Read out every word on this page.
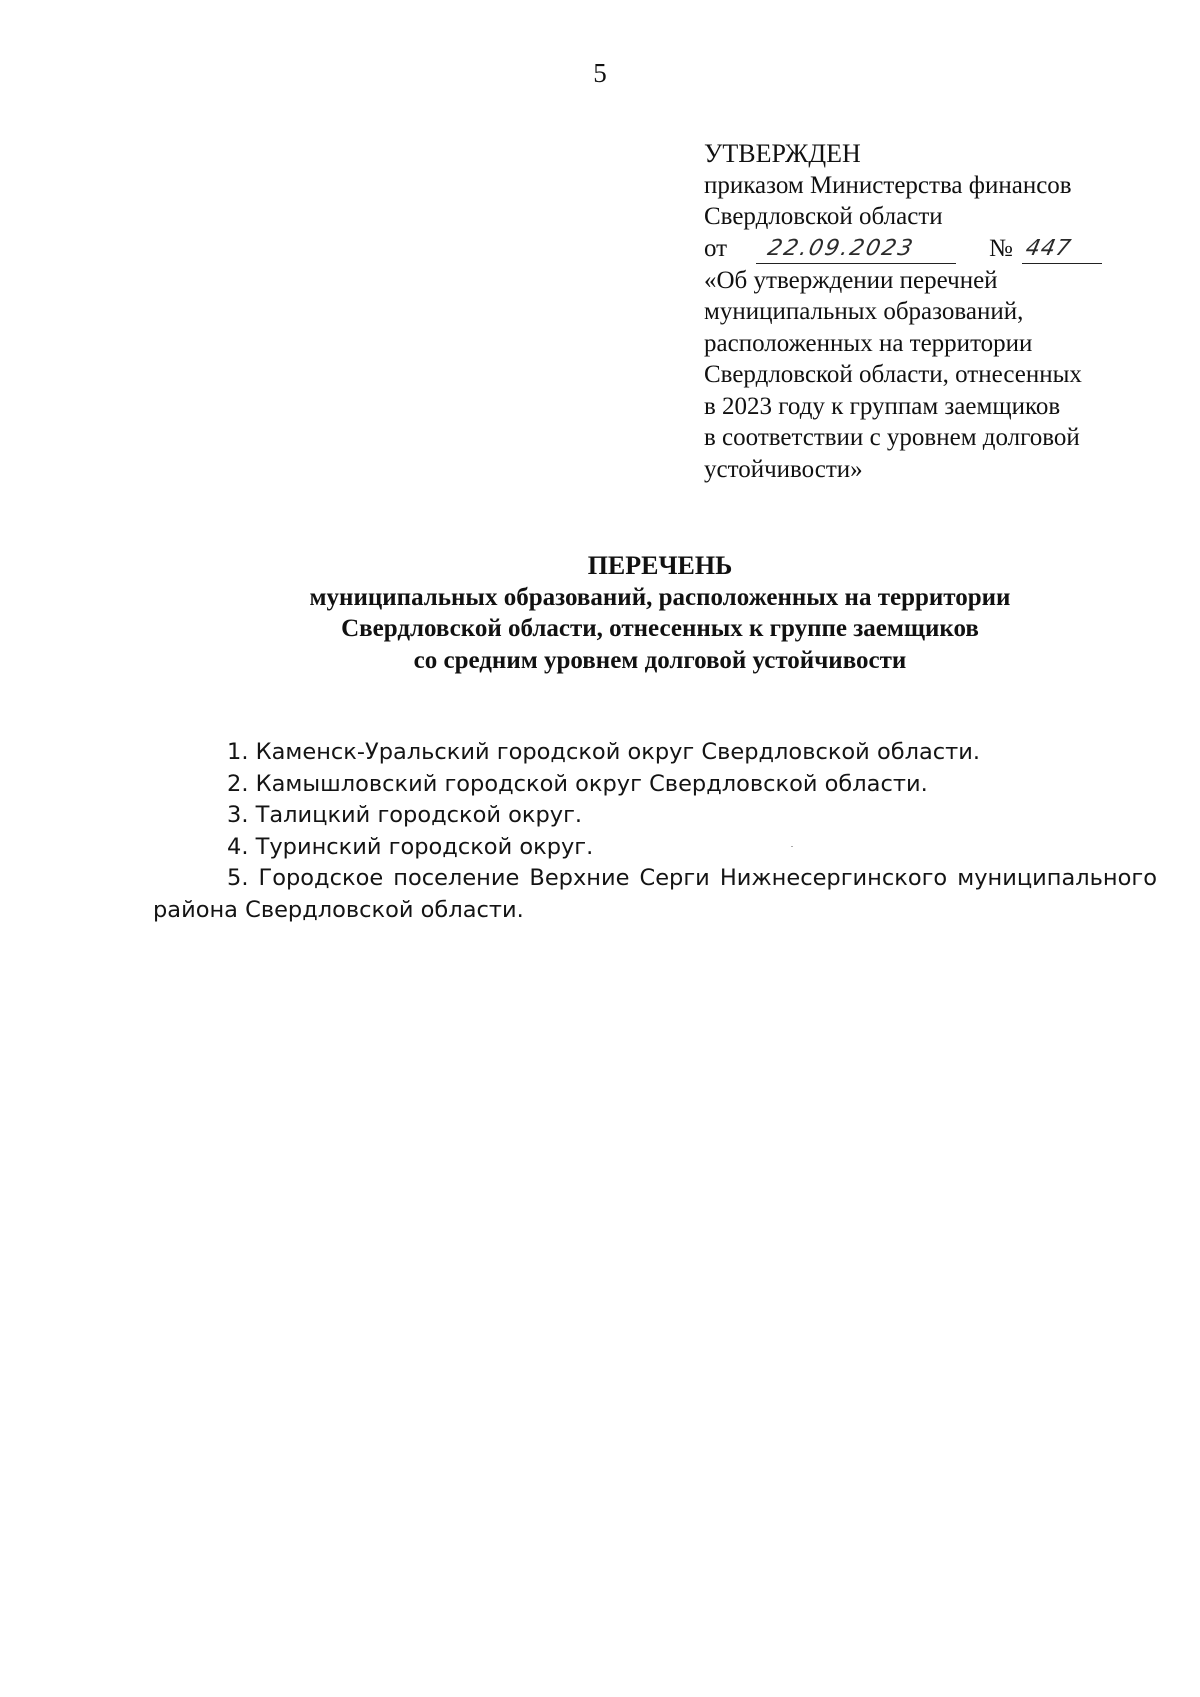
5
УТВЕРЖДЕН
приказом Министерства финансов
Свердловской области
от 22.09.2023	№ 447
«Об утверждении перечней
муниципальных образований,
расположенных на территории
Свердловской области, отнесенных
в 2023 году к группам заемщиков
в соответствии с уровнем долговой
устойчивости»
ПЕРЕЧЕНЬ
муниципальных образований, расположенных на территории
Свердловской области, отнесенных к группе заемщиков
со средним уровнем долговой устойчивости
1. Каменск-Уральский городской округ Свердловской области.
2. Камышловский городской округ Свердловской области.
3. Талицкий городской округ.
4. Туринский городской округ.
5. Городское поселение Верхние Серги Нижнесергинского муниципального района Свердловской области.
